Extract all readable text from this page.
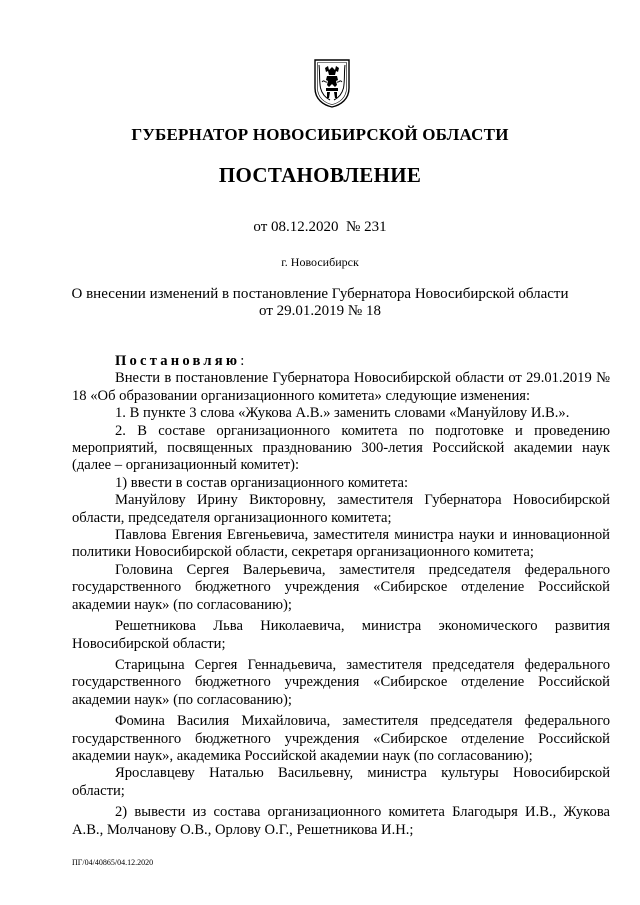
ГУБЕРНАТОР НОВОСИБИРСКОЙ ОБЛАСТИ
ПОСТАНОВЛЕНИЕ
от 08.12.2020  № 231
г. Новосибирск
О внесении изменений в постановление Губернатора Новосибирской области
от 29.01.2019 № 18

Постановляю:

Внести в постановление Губернатора Новосибирской области от 29.01.2019 № 18 «Об образовании организационного комитета» следующие изменения:

1. В пункте 3 слова «Жукова А.В.» заменить словами «Мануйлову И.В.».

2. В составе организационного комитета по подготовке и проведению мероприятий, посвященных празднованию 300-летия Российской академии наук (далее – организационный комитет):

1) ввести в состав организационного комитета:

Мануйлову Ирину Викторовну, заместителя Губернатора Новосибирской области, председателя организационного комитета;

Павлова Евгения Евгеньевича, заместителя министра науки и инновационной политики Новосибирской области, секретаря организационного комитета;

Головина Сергея Валерьевича, заместителя председателя федерального государственного бюджетного учреждения «Сибирское отделение Российской академии наук» (по согласованию);

Решетникова Льва Николаевича, министра экономического развития Новосибирской области;

Старицына Сергея Геннадьевича, заместителя председателя федерального государственного бюджетного учреждения «Сибирское отделение Российской академии наук» (по согласованию);

Фомина Василия Михайловича, заместителя председателя федерального государственного бюджетного учреждения «Сибирское отделение Российской академии наук», академика Российской академии наук (по согласованию);

Ярославцеву Наталью Васильевну, министра культуры Новосибирской области;

2) вывести из состава организационного комитета Благодыря И.В., Жукова А.В., Молчанову О.В., Орлову О.Г., Решетникова И.Н.;

ПГ/04/40865/04.12.2020
